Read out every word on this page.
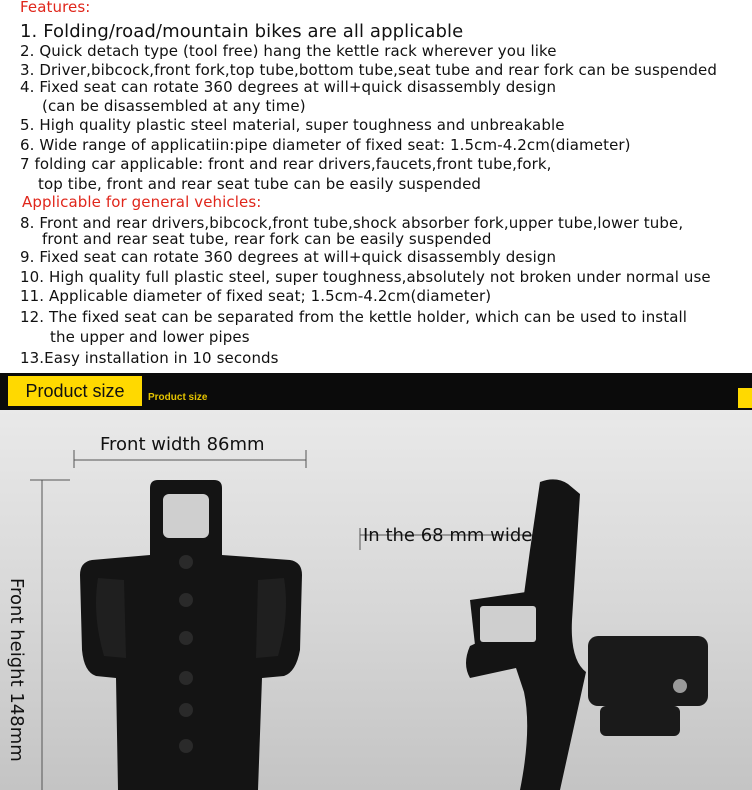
Features:
1. Folding/road/mountain bikes are all applicable
2. Quick detach type (tool free) hang the kettle rack wherever you like
3. Driver,bibcock,front fork,top tube,bottom tube,seat tube and rear fork can be suspended
4. Fixed seat can rotate 360 degrees at will+quick disassembly design
(can be disassembled at any time)
5. High quality plastic steel material, super toughness and unbreakable
6. Wide range of applicatiin:pipe diameter of fixed seat: 1.5cm-4.2cm(diameter)
7 folding car applicable: front and rear drivers,faucets,front tube,fork,
top tibe, front and rear seat tube can be easily suspended
Applicable for general vehicles:
8. Front and rear drivers,bibcock,front tube,shock absorber fork,upper tube,lower tube,
front and rear seat tube, rear fork can be easily suspended
9. Fixed seat can rotate 360 degrees at will+quick disassembly design
10. High quality full plastic steel, super toughness,absolutely not broken under normal use
11. Applicable diameter of fixed seat; 1.5cm-4.2cm(diameter)
12. The fixed seat can be separated from the kettle holder, which can be used to install
the upper and lower pipes
13.Easy installation in 10 seconds
Product size	Product size
Front width 86mm
In the 68 mm wide
Front height 148mm
